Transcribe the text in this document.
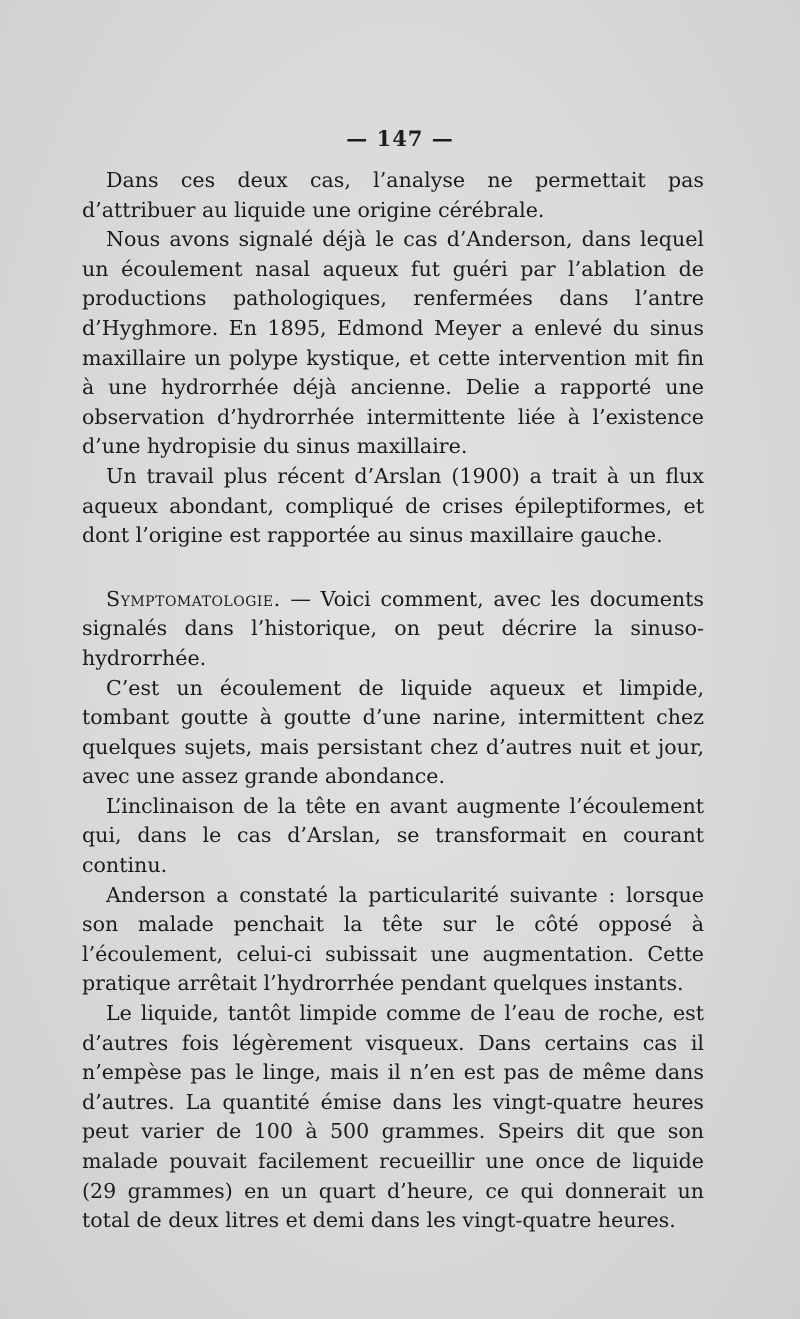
— 147 —

Dans ces deux cas, l’analyse ne permettait pas d’attribuer au liquide une origine cérébrale.

Nous avons signalé déjà le cas d’Anderson, dans lequel un écoulement nasal aqueux fut guéri par l’ablation de productions pathologiques, renfermées dans l’antre d’Hyghmore. En 1895, Edmond Meyer a enlevé du sinus maxillaire un polype kystique, et cette intervention mit fin à une hydrorrhée déjà ancienne. Delie a rapporté une observation d’hydrorrhée intermittente liée à l’existence d’une hydropisie du sinus maxillaire.

Un travail plus récent d’Arslan (1900) a trait à un flux aqueux abondant, compliqué de crises épileptiformes, et dont l’origine est rapportée au sinus maxillaire gauche.

Symptomatologie. — Voici comment, avec les documents signalés dans l’historique, on peut décrire la sinuso-hydrorrhée.

C’est un écoulement de liquide aqueux et limpide, tombant goutte à goutte d’une narine, intermittent chez quelques sujets, mais persistant chez d’autres nuit et jour, avec une assez grande abondance.

L’inclinaison de la tête en avant augmente l’écoulement qui, dans le cas d’Arslan, se transformait en courant continu.

Anderson a constaté la particularité suivante : lorsque son malade penchait la tête sur le côté opposé à l’écoulement, celui-ci subissait une augmentation. Cette pratique arrêtait l’hydrorrhée pendant quelques instants.

Le liquide, tantôt limpide comme de l’eau de roche, est d’autres fois légèrement visqueux. Dans certains cas il n’empèse pas le linge, mais il n’en est pas de même dans d’autres. La quantité émise dans les vingt-quatre heures peut varier de 100 à 500 grammes. Speirs dit que son malade pouvait facilement recueillir une once de liquide (29 grammes) en un quart d’heure, ce qui donnerait un total de deux litres et demi dans les vingt-quatre heures.
